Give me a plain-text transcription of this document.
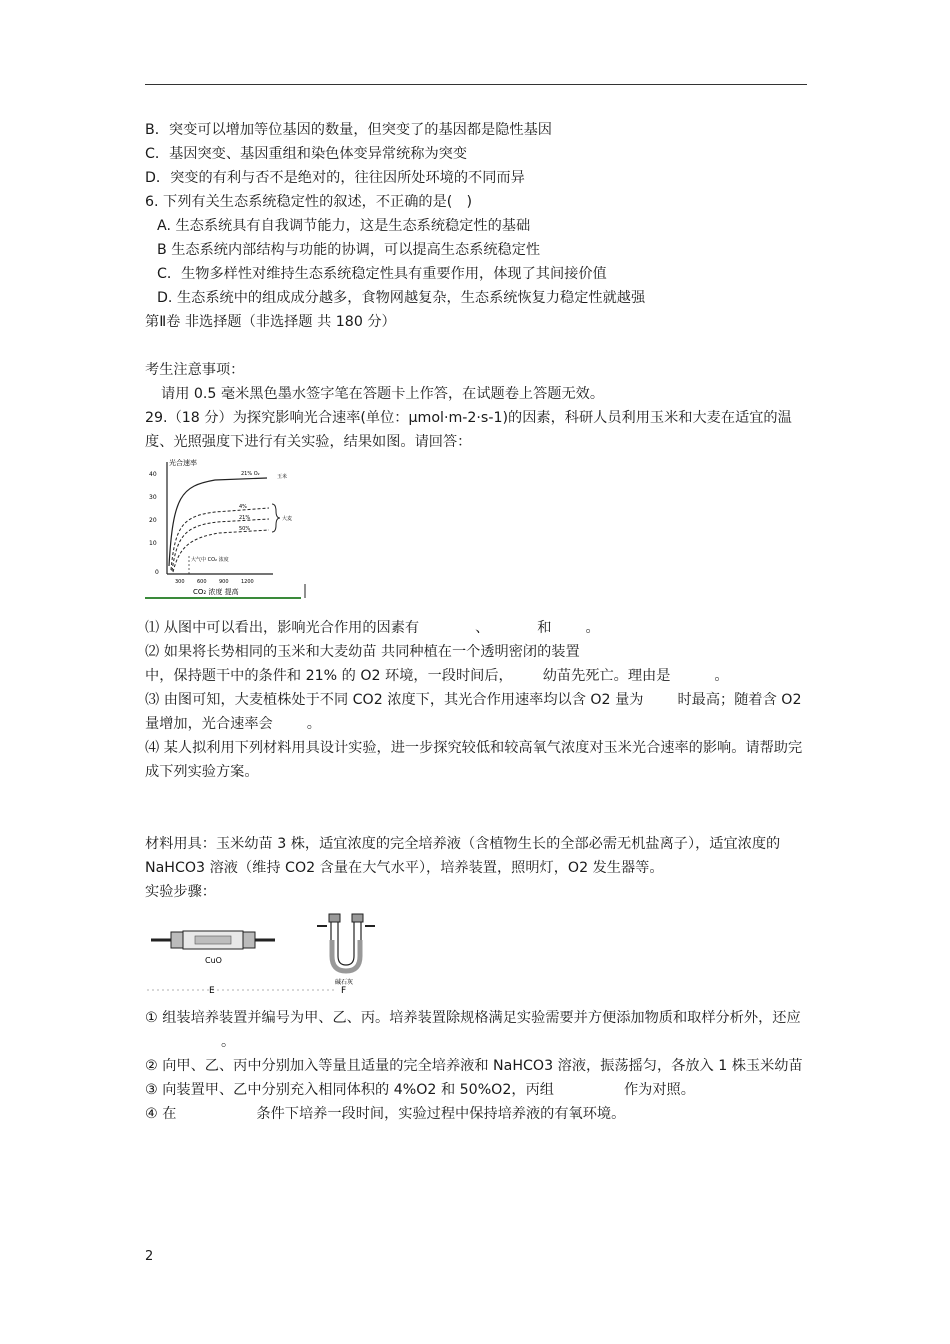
B．突变可以增加等位基因的数量，但突变了的基因都是隐性基因
C．基因突变、基因重组和染色体变异常统称为突变
D．突变的有利与否不是绝对的，往往因所处环境的不同而异
6. 下列有关生态系统稳定性的叙述，不正确的是(　)
A. 生态系统具有自我调节能力，这是生态系统稳定性的基础
B 生态系统内部结构与功能的协调，可以提高生态系统稳定性
C．生物多样性对维持生态系统稳定性具有重要作用，体现了其间接价值
D. 生态系统中的组成成分越多，食物网越复杂，生态系统恢复力稳定性就越强
第Ⅱ卷 非选择题（非选择题 共 180 分）
考生注意事项：
请用 0.5 毫米黑色墨水签字笔在答题卡上作答，在试题卷上答题无效。
29.（18 分）为探究影响光合速率(单位：μmol·m-2·s-1)的因素，科研人员利用玉米和大麦在适宜的温度、光照强度下进行有关实验，结果如图。请回答：
光合速率
40
30
20
10
0
300 600 900 1200
CO₂ 浓度 提高
21% O₂	玉米
4%
21%
50%
大麦
大气中 CO₂ 浓度
⑴ 从图中可以看出，影响光合作用的因素有	、	和 。
⑵ 如果将长势相同的玉米和大麦幼苗 共同种植在一个透明密闭的装置
中，保持题干中的条件和 21% 的 O2 环境，一段时间后， 幼苗先死亡。理由是	。
⑶ 由图可知，大麦植株处于不同 CO2 浓度下，其光合作用速率均以含 O2 量为 时最高；随着含 O2 量增加，光合速率会 。
⑷ 某人拟利用下列材料用具设计实验，进一步探究较低和较高氧气浓度对玉米光合速率的影响。请帮助完成下列实验方案。
材料用具：玉米幼苗 3 株，适宜浓度的完全培养液（含植物生长的全部必需无机盐离子），适宜浓度的 NaHCO3 溶液（维持 CO2 含量在大气水平），培养装置，照明灯，O2 发生器等。
实验步骤：
CuO
碱石灰
E	F
① 组装培养装置并编号为甲、乙、丙。培养装置除规格满足实验需要并方便添加物质和取样分析外，还应。
② 向甲、乙、丙中分别加入等量且适量的完全培养液和 NaHCO3 溶液，振荡摇匀，各放入 1 株玉米幼苗
③ 向装置甲、乙中分别充入相同体积的 4%O2 和 50%O2，丙组	作为对照。
④ 在	条件下培养一段时间，实验过程中保持培养液的有氧环境。
2
